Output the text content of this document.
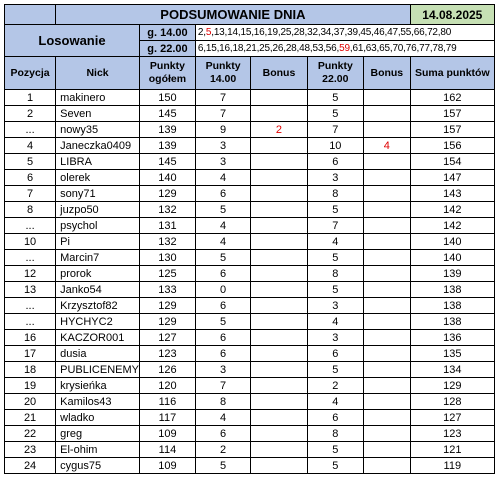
	PODSUMOWANIE DNIA						14.08.2025
Losowanie		g. 14.00	2,5,13,14,15,16,19,25,28,32,34,37,39,45,46,47,55,66,72,80				
		g. 22.00	6,15,16,18,21,25,26,28,48,53,56,59,61,63,65,70,76,77,78,79				
Pozycja	Nick	Punkty ogółem	Punkty 14.00	Bonus	Punkty 22.00	Bonus	Suma punktów
1	makinero	150	7		5		162
2	Seven	145	7		5		157
...	nowy35	139	9	2	7		157
4	Janeczka0409	139	3		10	4	156
5	LIBRA	145	3		6		154
6	olerek	140	4		3		147
7	sony71	129	6		8		143
8	juzpo50	132	5		5		142
...	psychol	131	4		7		142
10	Pi	132	4		4		140
...	Marcin7	130	5		5		140
12	prorok	125	6		8		139
13	Janko54	133	0		5		138
...	Krzysztof82	129	6		3		138
...	HYCHYC2	129	5		4		138
16	KACZOR001	127	6		3		136
17	dusia	123	6		6		135
18	PUBLICENEMY	126	3		5		134
19	krysieńka	120	7		2		129
20	Kamilos43	116	8		4		128
21	wladko	117	4		6		127
22	greg	109	6		8		123
23	El-ohim	114	2		5		121
24	cygus75	109	5		5		119
